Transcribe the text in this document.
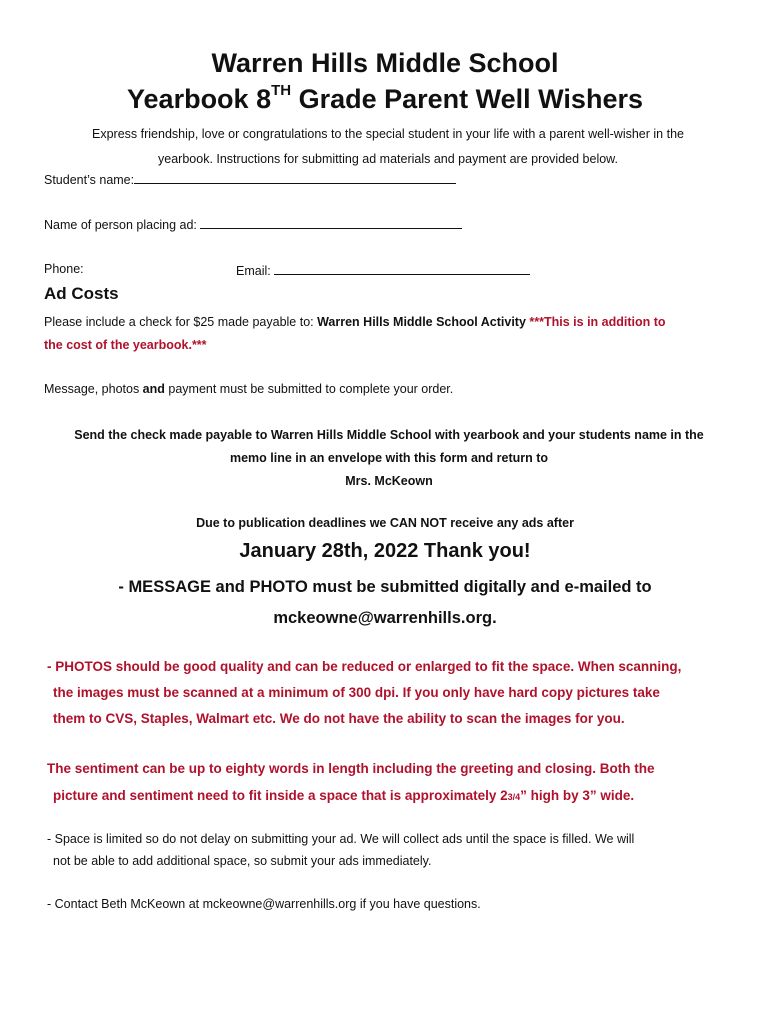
Warren Hills Middle School
Yearbook 8TH Grade Parent Well Wishers
Express friendship, love or congratulations to the special student in your life with a parent well-wisher in the
yearbook. Instructions for submitting ad materials and payment are provided below.
Student’s name:
Name of person placing ad:
Phone:	Email:
Ad Costs
Please include a check for $25 made payable to: Warren Hills Middle School Activity ***This is in addition to
the cost of the yearbook.***
Message, photos and payment must be submitted to complete your order.
Send the check made payable to Warren Hills Middle School with yearbook and your students name in the
memo line in an envelope with this form and return to
Mrs. McKeown
Due to publication deadlines we CAN NOT receive any ads after
January 28th, 2022 Thank you!
- MESSAGE and PHOTO must be submitted digitally and e-mailed to
mckeowne@warrenhills.org.
- PHOTOS should be good quality and can be reduced or enlarged to fit the space. When scanning,
the images must be scanned at a minimum of 300 dpi. If you only have hard copy pictures take
them to CVS, Staples, Walmart etc. We do not have the ability to scan the images for you.
The sentiment can be up to eighty words in length including the greeting and closing. Both the
picture and sentiment need to fit inside a space that is approximately 23/4” high by 3” wide.
- Space is limited so do not delay on submitting your ad. We will collect ads until the space is filled. We will
not be able to add additional space, so submit your ads immediately.
- Contact Beth McKeown at mckeowne@warrenhills.org if you have questions.
